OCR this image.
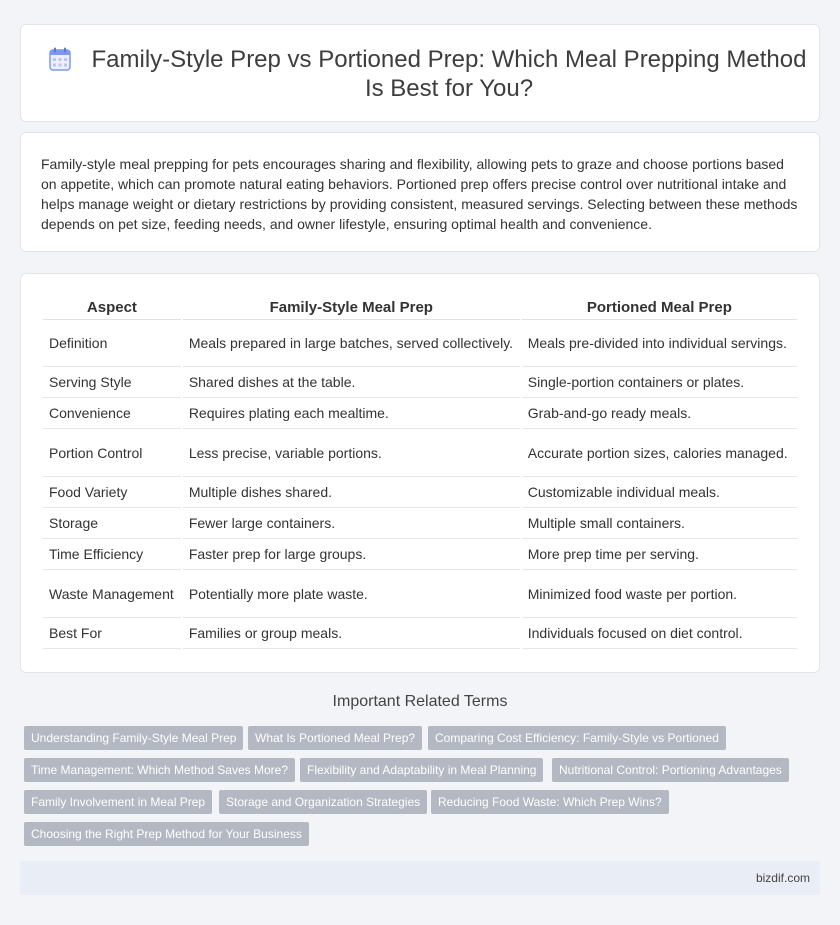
Family-Style Prep vs Portioned Prep: Which Meal Prepping Method Is Best for You?

Family-style meal prepping for pets encourages sharing and flexibility, allowing pets to graze and choose portions based on appetite, which can promote natural eating behaviors. Portioned prep offers precise control over nutritional intake and helps manage weight or dietary restrictions by providing consistent, measured servings. Selecting between these methods depends on pet size, feeding needs, and owner lifestyle, ensuring optimal health and convenience.

Aspect	Family-Style Meal Prep	Portioned Meal Prep
Definition	Meals prepared in large batches, served collectively.	Meals pre-divided into individual servings.
Serving Style	Shared dishes at the table.	Single-portion containers or plates.
Convenience	Requires plating each mealtime.	Grab-and-go ready meals.
Portion Control	Less precise, variable portions.	Accurate portion sizes, calories managed.
Food Variety	Multiple dishes shared.	Customizable individual meals.
Storage	Fewer large containers.	Multiple small containers.
Time Efficiency	Faster prep for large groups.	More prep time per serving.
Waste Management	Potentially more plate waste.	Minimized food waste per portion.
Best For	Families or group meals.	Individuals focused on diet control.
Important Related Terms
Understanding Family-Style Meal Prep	What Is Portioned Meal Prep?	Comparing Cost Efficiency: Family-Style vs Portioned
Time Management: Which Method Saves More?	Flexibility and Adaptability in Meal Planning	Nutritional Control: Portioning Advantages
Family Involvement in Meal Prep	Storage and Organization Strategies	Reducing Food Waste: Which Prep Wins?
Choosing the Right Prep Method for Your Business
bizdif.com
